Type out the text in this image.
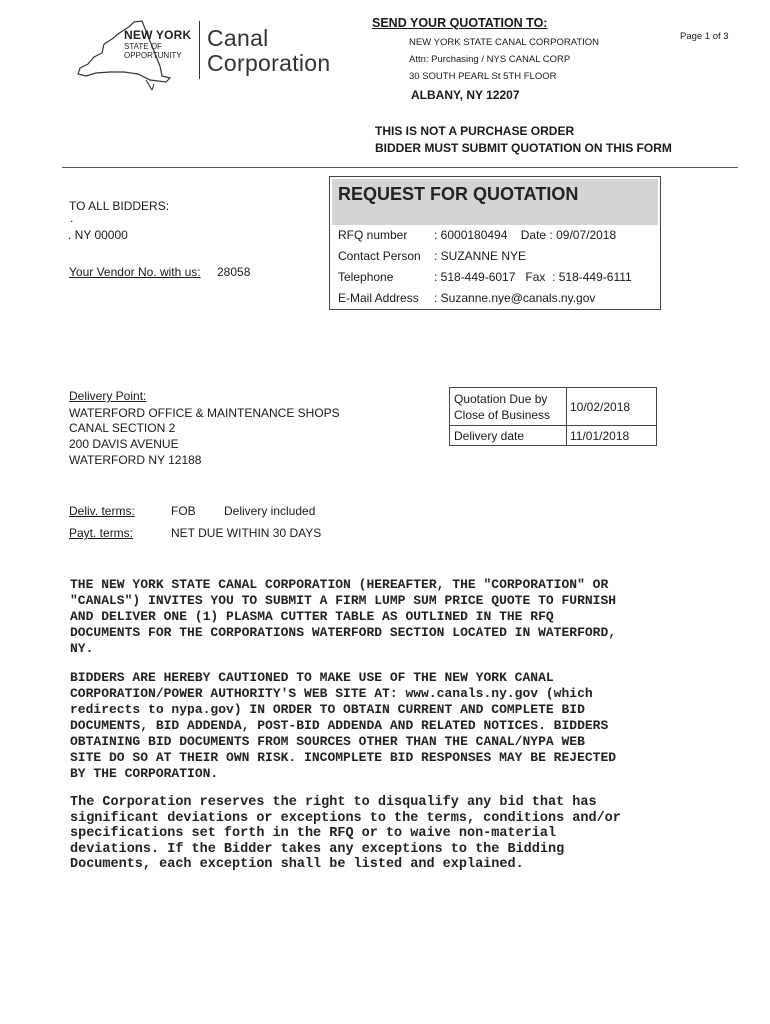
NEW YORK
STATE OF
OPPORTUNITY
Canal
Corporation
SEND YOUR QUOTATION TO:
NEW YORK STATE CANAL CORPORATION
Attn: Purchasing / NYS CANAL CORP
30 SOUTH PEARL St 5TH FLOOR
ALBANY, NY 12207
Page 1 of 3
THIS IS NOT A PURCHASE ORDER
BIDDER MUST SUBMIT QUOTATION ON THIS FORM
TO ALL BIDDERS:
.
. NY 00000
Your Vendor No. with us: 28058
REQUEST FOR QUOTATION
RFQ number : 6000180494    Date : 09/07/2018
Contact Person : SUZANNE NYE
Telephone	: 518-449-6017   Fax  : 518-449-6111
E-Mail Address : Suzanne.nye@canals.ny.gov
Delivery Point:
WATERFORD OFFICE & MAINTENANCE SHOPS
CANAL SECTION 2
200 DAVIS AVENUE
WATERFORD NY 12188
Quotation Due by
Close of Business
10/02/2018
Delivery date	11/01/2018
Deliv. terms:	FOB Delivery included
Payt. terms:	NET DUE WITHIN 30 DAYS
THE NEW YORK STATE CANAL CORPORATION (HEREAFTER, THE "CORPORATION" OR
"CANALS") INVITES YOU TO SUBMIT A FIRM LUMP SUM PRICE QUOTE TO FURNISH
AND DELIVER ONE (1) PLASMA CUTTER TABLE AS OUTLINED IN THE RFQ
DOCUMENTS FOR THE CORPORATIONS WATERFORD SECTION LOCATED IN WATERFORD,
NY.
BIDDERS ARE HEREBY CAUTIONED TO MAKE USE OF THE NEW YORK CANAL
CORPORATION/POWER AUTHORITY'S WEB SITE AT: www.canals.ny.gov (which
redirects to nypa.gov) IN ORDER TO OBTAIN CURRENT AND COMPLETE BID
DOCUMENTS, BID ADDENDA, POST-BID ADDENDA AND RELATED NOTICES. BIDDERS
OBTAINING BID DOCUMENTS FROM SOURCES OTHER THAN THE CANAL/NYPA WEB
SITE DO SO AT THEIR OWN RISK. INCOMPLETE BID RESPONSES MAY BE REJECTED
BY THE CORPORATION.
The Corporation reserves the right to disqualify any bid that has
significant deviations or exceptions to the terms, conditions and/or
specifications set forth in the RFQ or to waive non-material
deviations. If the Bidder takes any exceptions to the Bidding
Documents, each exception shall be listed and explained.
